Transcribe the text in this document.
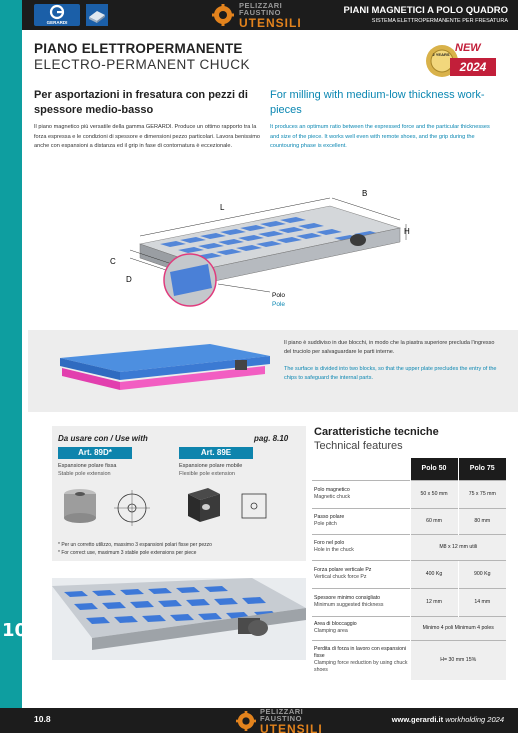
10
GERARDI
PELIZZARI
FAUSTINO
UTENSILI
PIANI MAGNETICI A POLO QUADRO
SISTEMA ELETTROPERMANENTE PER FRESATURA
PIANO ELETTROPERMANENTE
ELECTRO-PERMANENT CHUCK
2 YEARS
NEW
2024
Per asportazioni in fresatura con pezzi di spessore medio-basso
For milling with medium-low thickness work-pieces
Il piano magnetico più versatile della gamma GERARDI. Produce un ottimo rapporto tra la forza espressa e le condizioni di spessore e dimensioni pezzo particolari. Lavora benissimo anche con espansioni a distanza ed il grip in fase di contornatura è eccezionale.
It produces an optimum ratio between the expressed force and the particular thicknesses and size of the piece. It works well even with remote shoes, and the grip during the countouring phase is excellent.
L
B
H
C
D
Polo
Pole
Il piano è suddiviso in due blocchi, in modo che la piastra superiore precluda l'ingresso del truciolo per salvaguardare le parti interne.
The surface is divided into two blocks, so that the upper plate precludes the entry of the chips to safeguard the internal parts.
Da usare con / Use with	pag. 8.10
Art. 89D*	Art. 89E
Espansione polare fissa
Stable pole extension
Espansione polare mobile
Flexible pole extension
* Per un corretto utilizzo, massimo 3 espansioni polari fisse per pezzo
* For correct use, maximum 3 stable pole extensions per piece
Caratteristiche tecniche
Technical features
	Polo 50	Polo 75

Polo magnetico
Magnetic chuck	50 x 50 mm	75 x 75 mm

Passo polare
Pole pitch	60 mm	80 mm

Foro nel polo
Hole in the chuck	M8 x 12 mm utili	

Forza polare verticale Pz
Vertical chuck force Pz	400 Kg	900 Kg

Spessore minimo consigliato
Minimum suggested thickness	12 mm	14 mm

Area di bloccaggio
Clamping area	Minimo 4 poli Minimum 4 poles	

Perdita di forza in lavoro con espansioni fisse
Clamping force reduction by using chuck shoes	H= 30 mm 15%	
10.8
PELIZZARI
FAUSTINO
UTENSILI
www.gerardi.it workholding 2024
